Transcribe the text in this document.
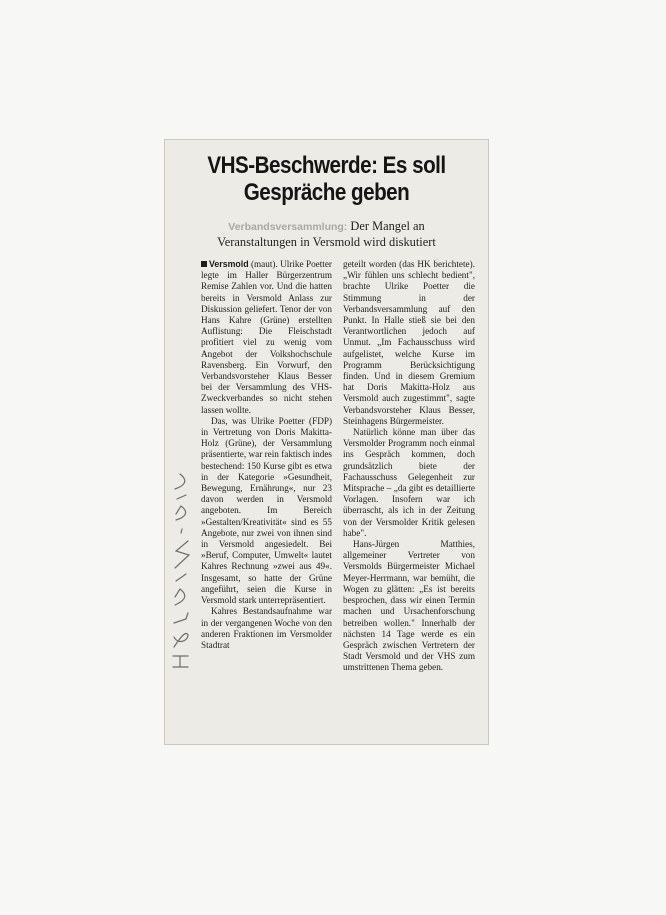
VHS-Beschwerde: Es soll
Gespräche geben
Verbandsversammlung: Der Mangel an
Veranstaltungen in Versmold wird diskutiert

Versmold (maut). Ulrike Poetter legte im Haller Bürgerzentrum Remise Zahlen vor. Und die hatten bereits in Versmold Anlass zur Diskussion geliefert. Tenor der von Hans Kahre (Grüne) erstellten Auflistung: Die Fleischstadt profitiert viel zu wenig vom Angebot der Volkshochschule Ravensberg. Ein Vorwurf, den Verbandsvorsteher Klaus Besser bei der Versammlung des VHS-Zweckverbandes so nicht stehen lassen wollte.

Das, was Ulrike Poetter (FDP) in Vertretung von Doris Makitta-Holz (Grüne), der Versammlung präsentierte, war rein faktisch indes bestechend: 150 Kurse gibt es etwa in der Kategorie »Gesundheit, Bewegung, Ernährung«, nur 23 davon werden in Versmold angeboten. Im Bereich »Gestalten/Kreativität« sind es 55 Angebote, nur zwei von ihnen sind in Versmold angesiedelt. Bei »Beruf, Computer, Umwelt« lautet Kahres Rechnung »zwei aus 49«. Insgesamt, so hatte der Grüne angeführt, seien die Kurse in Versmold stark unterrepräsentiert.

Kahres Bestandsaufnahme war in der vergangenen Woche von den anderen Fraktionen im Versmolder Stadtrat

geteilt worden (das HK berichtete). „Wir fühlen uns schlecht bedient", brachte Ulrike Poetter die Stimmung in der Verbandsversammlung auf den Punkt. In Halle stieß sie bei den Verantwortlichen jedoch auf Unmut. „Im Fachausschuss wird aufgelistet, welche Kurse im Programm Berücksichtigung finden. Und in diesem Gremium hat Doris Makitta-Holz aus Versmold auch zugestimmt", sagte Verbandsvorsteher Klaus Besser, Steinhagens Bürgermeister.

Natürlich könne man über das Versmolder Programm noch einmal ins Gespräch kommen, doch grundsätzlich biete der Fachausschuss Gelegenheit zur Mitsprache – „da gibt es detaillierte Vorlagen. Insofern war ich überrascht, als ich in der Zeitung von der Versmolder Kritik gelesen habe".

Hans-Jürgen Matthies, allgemeiner Vertreter von Versmolds Bürgermeister Michael Meyer-Herrmann, war bemüht, die Wogen zu glätten: „Es ist bereits besprochen, dass wir einen Termin machen und Ursachenforschung betreiben wollen." Innerhalb der nächsten 14 Tage werde es ein Gespräch zwischen Vertretern der Stadt Versmold und der VHS zum umstrittenen Thema geben.
